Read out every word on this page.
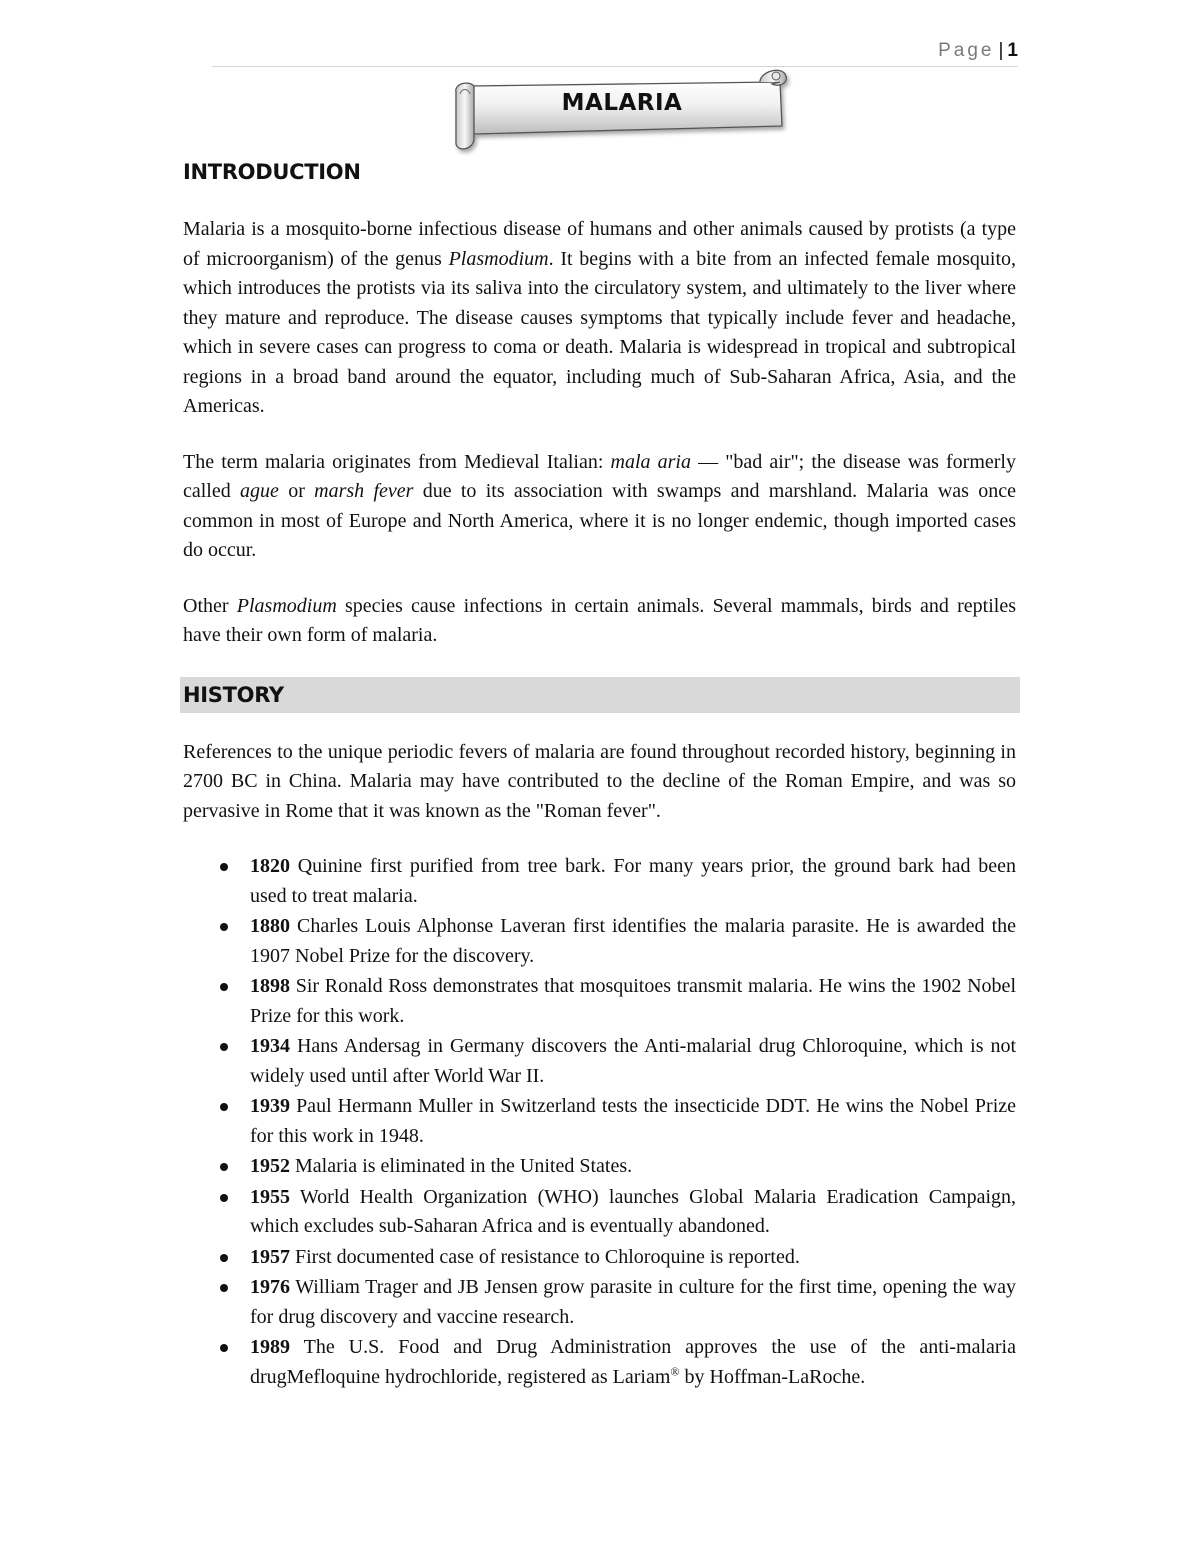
Page | 1
MALARIA
INTRODUCTION

Malaria is a mosquito-borne infectious disease of humans and other animals caused by protists (a type of microorganism) of the genus Plasmodium. It begins with a bite from an infected female mosquito, which introduces the protists via its saliva into the circulatory system, and ultimately to the liver where they mature and reproduce. The disease causes symptoms that typically include fever and headache, which in severe cases can progress to coma or death. Malaria is widespread in tropical and subtropical regions in a broad band around the equator, including much of Sub-Saharan Africa, Asia, and the Americas.

The term malaria originates from Medieval Italian: mala aria — "bad air"; the disease was formerly called ague or marsh fever due to its association with swamps and marshland. Malaria was once common in most of Europe and North America, where it is no longer endemic, though imported cases do occur.

Other Plasmodium species cause infections in certain animals. Several mammals, birds and reptiles have their own form of malaria.

HISTORY

References to the unique periodic fevers of malaria are found throughout recorded history, beginning in 2700 BC in China. Malaria may have contributed to the decline of the Roman Empire, and was so pervasive in Rome that it was known as the "Roman fever".

1820 Quinine first purified from tree bark. For many years prior, the ground bark had been used to treat malaria.
1880 Charles Louis Alphonse Laveran first identifies the malaria parasite. He is awarded the 1907 Nobel Prize for the discovery.
1898 Sir Ronald Ross demonstrates that mosquitoes transmit malaria. He wins the 1902 Nobel Prize for this work.
1934 Hans Andersag in Germany discovers the Anti-malarial drug Chloroquine, which is not widely used until after World War II.
1939 Paul Hermann Muller in Switzerland tests the insecticide DDT. He wins the Nobel Prize for this work in 1948.
1952 Malaria is eliminated in the United States.
1955 World Health Organization (WHO) launches Global Malaria Eradication Campaign, which excludes sub-Saharan Africa and is eventually abandoned.
1957 First documented case of resistance to Chloroquine is reported.
1976 William Trager and JB Jensen grow parasite in culture for the first time, opening the way for drug discovery and vaccine research.
1989 The U.S. Food and Drug Administration approves the use of the anti-malaria drugMefloquine hydrochloride, registered as Lariam® by Hoffman-LaRoche.
